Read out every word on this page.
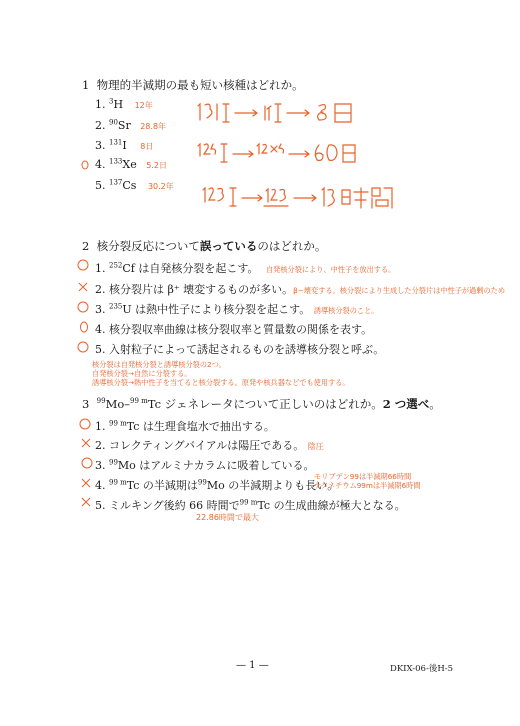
1 物理的半減期の最も短い核種はどれか。
1. $^3$H 12年
2. $^{90}$Sr 28.8年
3. $^{131}$I 8日
4. $^{133}$Xe 5.2日
5. $^{137}$Cs 30.2年
2 核分裂反応について誤っているのはどれか。
1. $^{252}$Cf は自発核分裂を起こす。 自発核分裂により、中性子を放出する。
2. 核分裂片は β⁺ 壊変するものが多い。β−壊変する。核分裂により生成した分裂片は中性子が過剰のため
3. $^{235}$U は熱中性子により核分裂を起こす。 誘導核分裂のこと。
4. 核分裂収率曲線は核分裂収率と質量数の関係を表す。
5. 入射粒子によって誘起されるものを誘導核分裂と呼ぶ。
核分裂は自発核分裂と誘導核分裂の2つ。
自発核分裂→自然に分裂する。
誘導核分裂→熱中性子を当てると核分裂する。原発や核兵器などでも使用する。
3 $^{99}$Mo–$^{99 m}$Tc ジェネレータについて正しいのはどれか。2 つ選べ。
1. $^{99 m}$Tc は生理食塩水で抽出する。
2. コレクティングバイアルは陽圧である。 陰圧
3. $^{99}$Mo はアルミナカラムに吸着している。
4. $^{99 m}$Tc の半減期は$^{99}$Mo の半減期よりも長い。
モリブデン99は半減期66時間
テクネチウム99mは半減期6時間
5. ミルキング後約 66 時間で$^{99 m}$Tc の生成曲線が極大となる。
22.86時間で最大
— 1 —	DKIX-06-後H-5
